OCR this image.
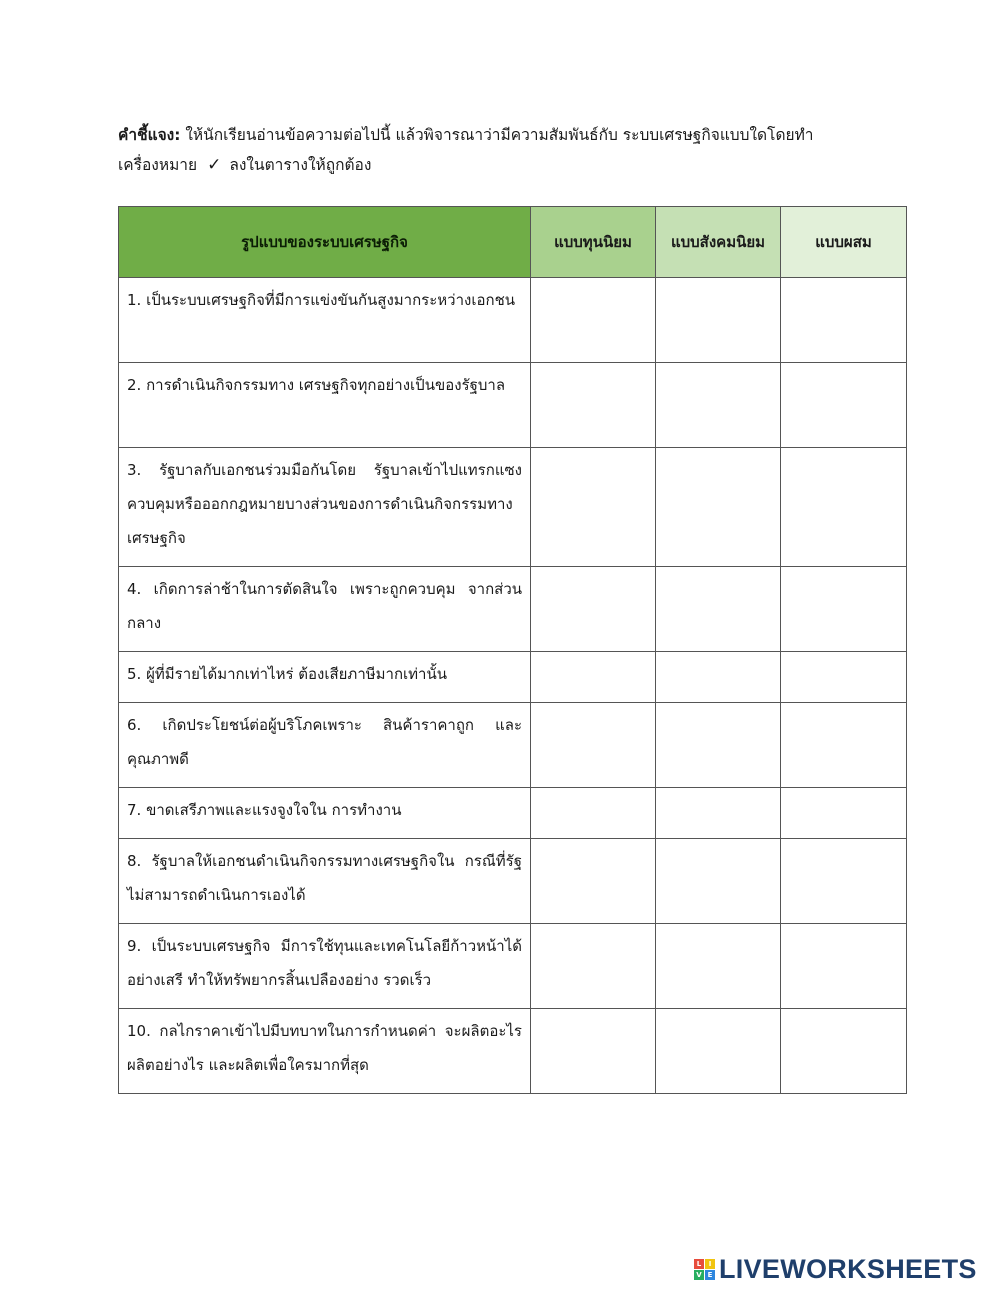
คำชี้แจง: ให้นักเรียนอ่านข้อความต่อไปนี้ แล้วพิจารณาว่ามีความสัมพันธ์กับ ระบบเศรษฐกิจแบบใดโดยทำเครื่องหมาย ✓ ลงในตารางให้ถูกต้อง
รูปแบบของระบบเศรษฐกิจ	แบบทุนนิยม	แบบสังคมนิยม	แบบผสม
1. เป็นระบบเศรษฐกิจที่มีการแข่งขันกันสูงมากระหว่างเอกชน			
2. การดำเนินกิจกรรมทาง เศรษฐกิจทุกอย่างเป็นของรัฐบาล			
3. รัฐบาลกับเอกชนร่วมมือกันโดย รัฐบาลเข้าไปแทรกแซงควบคุมหรือออกกฎหมายบางส่วนของการดำเนินกิจกรรมทางเศรษฐกิจ			
4. เกิดการล่าช้าในการตัดสินใจ เพราะถูกควบคุม จากส่วนกลาง			
5. ผู้ที่มีรายได้มากเท่าไหร่ ต้องเสียภาษีมากเท่านั้น			
6. เกิดประโยชน์ต่อผู้บริโภคเพราะ สินค้าราคาถูก และคุณภาพดี			
7. ขาดเสรีภาพและแรงจูงใจใน การทำงาน			
8. รัฐบาลให้เอกชนดำเนินกิจกรรมทางเศรษฐกิจใน กรณีที่รัฐไม่สามารถดำเนินการเองได้			
9. เป็นระบบเศรษฐกิจ มีการใช้ทุนและเทคโนโลยีก้าวหน้าได้อย่างเสรี ทำให้ทรัพยากรสิ้นเปลืองอย่าง รวดเร็ว			
10. กลไกราคาเข้าไปมีบทบาทในการกำหนดค่า จะผลิตอะไร ผลิตอย่างไร และผลิตเพื่อใครมากที่สุด			
L	I
V E LIVEWORKSHEETS
